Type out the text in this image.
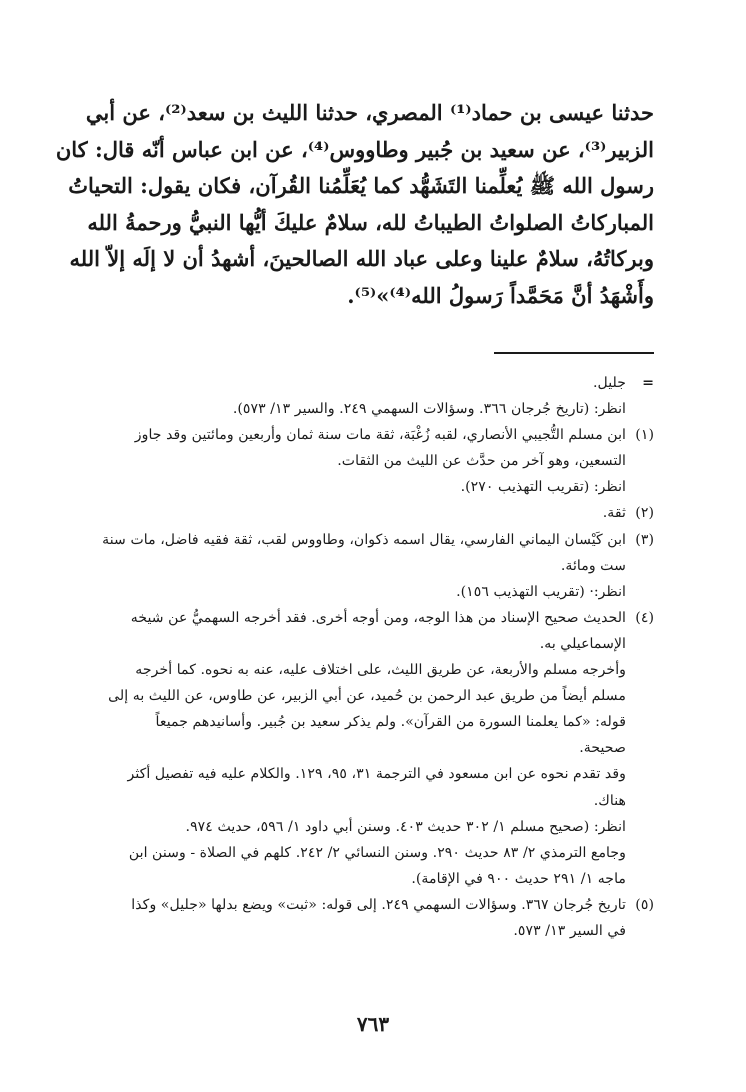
حدثنا عيسى بن حماد⁽¹⁾ المصري، حدثنا الليث بن سعد⁽²⁾، عن أبي
الزبير⁽³⁾، عن سعيد بن جُبير وطاووس⁽⁴⁾، عن ابن عباس أنّه قال: كان
رسول الله ﷺ يُعلِّمنا التَشَهُّد كما يُعَلِّمُنا القُرآن، فكان يقول: التحياتُ
المباركاتُ الصلواتُ الطيباتُ لله، سلامٌ عليكَ أيُّها النبيُّ ورحمةُ الله
وبركاتُهُ، سلامٌ علينا وعلى عباد الله الصالحينَ، أشهدُ أن لا إلَه إلاّ الله
وأَشْهَدُ أنَّ مَحَمَّداً رَسولُ الله⁽⁴⁾»⁽⁵⁾.
=جليل.
انظر: (تاريخ جُرجان ٣٦٦. وسؤالات السهمي ٢٤٩. والسير ١٣/ ٥٧٣).
(١)ابن مسلم التُّجيبي الأنصاري، لقبه زُغْبَة، ثقة مات سنة ثمان وأربعين ومائتين وقد جاوز
التسعين، وهو آخر من حدَّث عن الليث من الثقات.
انظر: (تقريب التهذيب ٢٧٠).
(٢)ثقة.
(٣)ابن كَيْسان اليماني الفارسي، يقال اسمه ذكوان، وطاووس لقب، ثقة فقيه فاضل، مات سنة
ست ومائة.
انظر:· (تقريب التهذيب ١٥٦).
(٤)الحديث صحيح الإسناد من هذا الوجه، ومن أوجه أخرى. فقد أخرجه السهميُّ عن شيخه
الإسماعيلي به.
وأخرجه مسلم والأربعة، عن طريق الليث، على اختلاف عليه، عنه به نحوه. كما أخرجه
مسلم أيضاً من طريق عبد الرحمن بن حُميد، عن أبي الزبير، عن طاوس، عن الليث به إلى
قوله: «كما يعلمنا السورة من القرآن». ولم يذكر سعيد بن جُبير. وأسانيدهم جميعاً
صحيحة.
وقد تقدم نحوه عن ابن مسعود في الترجمة ٣١، ٩٥، ١٢٩. والكلام عليه فيه تفصيل أكثر
هناك.
انظر: (صحيح مسلم ١/ ٣٠٢ حديث ٤٠٣. وسنن أبي داود ١/ ٥٩٦، حديث ٩٧٤.
وجامع الترمذي ٢/ ٨٣ حديث ٢٩٠. وسنن النسائي ٢/ ٢٤٢. كلهم في الصلاة - وسنن ابن
ماجه ١/ ٢٩١ حديث ٩٠٠ في الإقامة).
(٥)تاريخ جُرجان ٣٦٧. وسؤالات السهمي ٢٤٩. إلى قوله: «ثبت» ويضع بدلها «جليل» وكذا
في السير ١٣/ ٥٧٣.
٧٦٣
